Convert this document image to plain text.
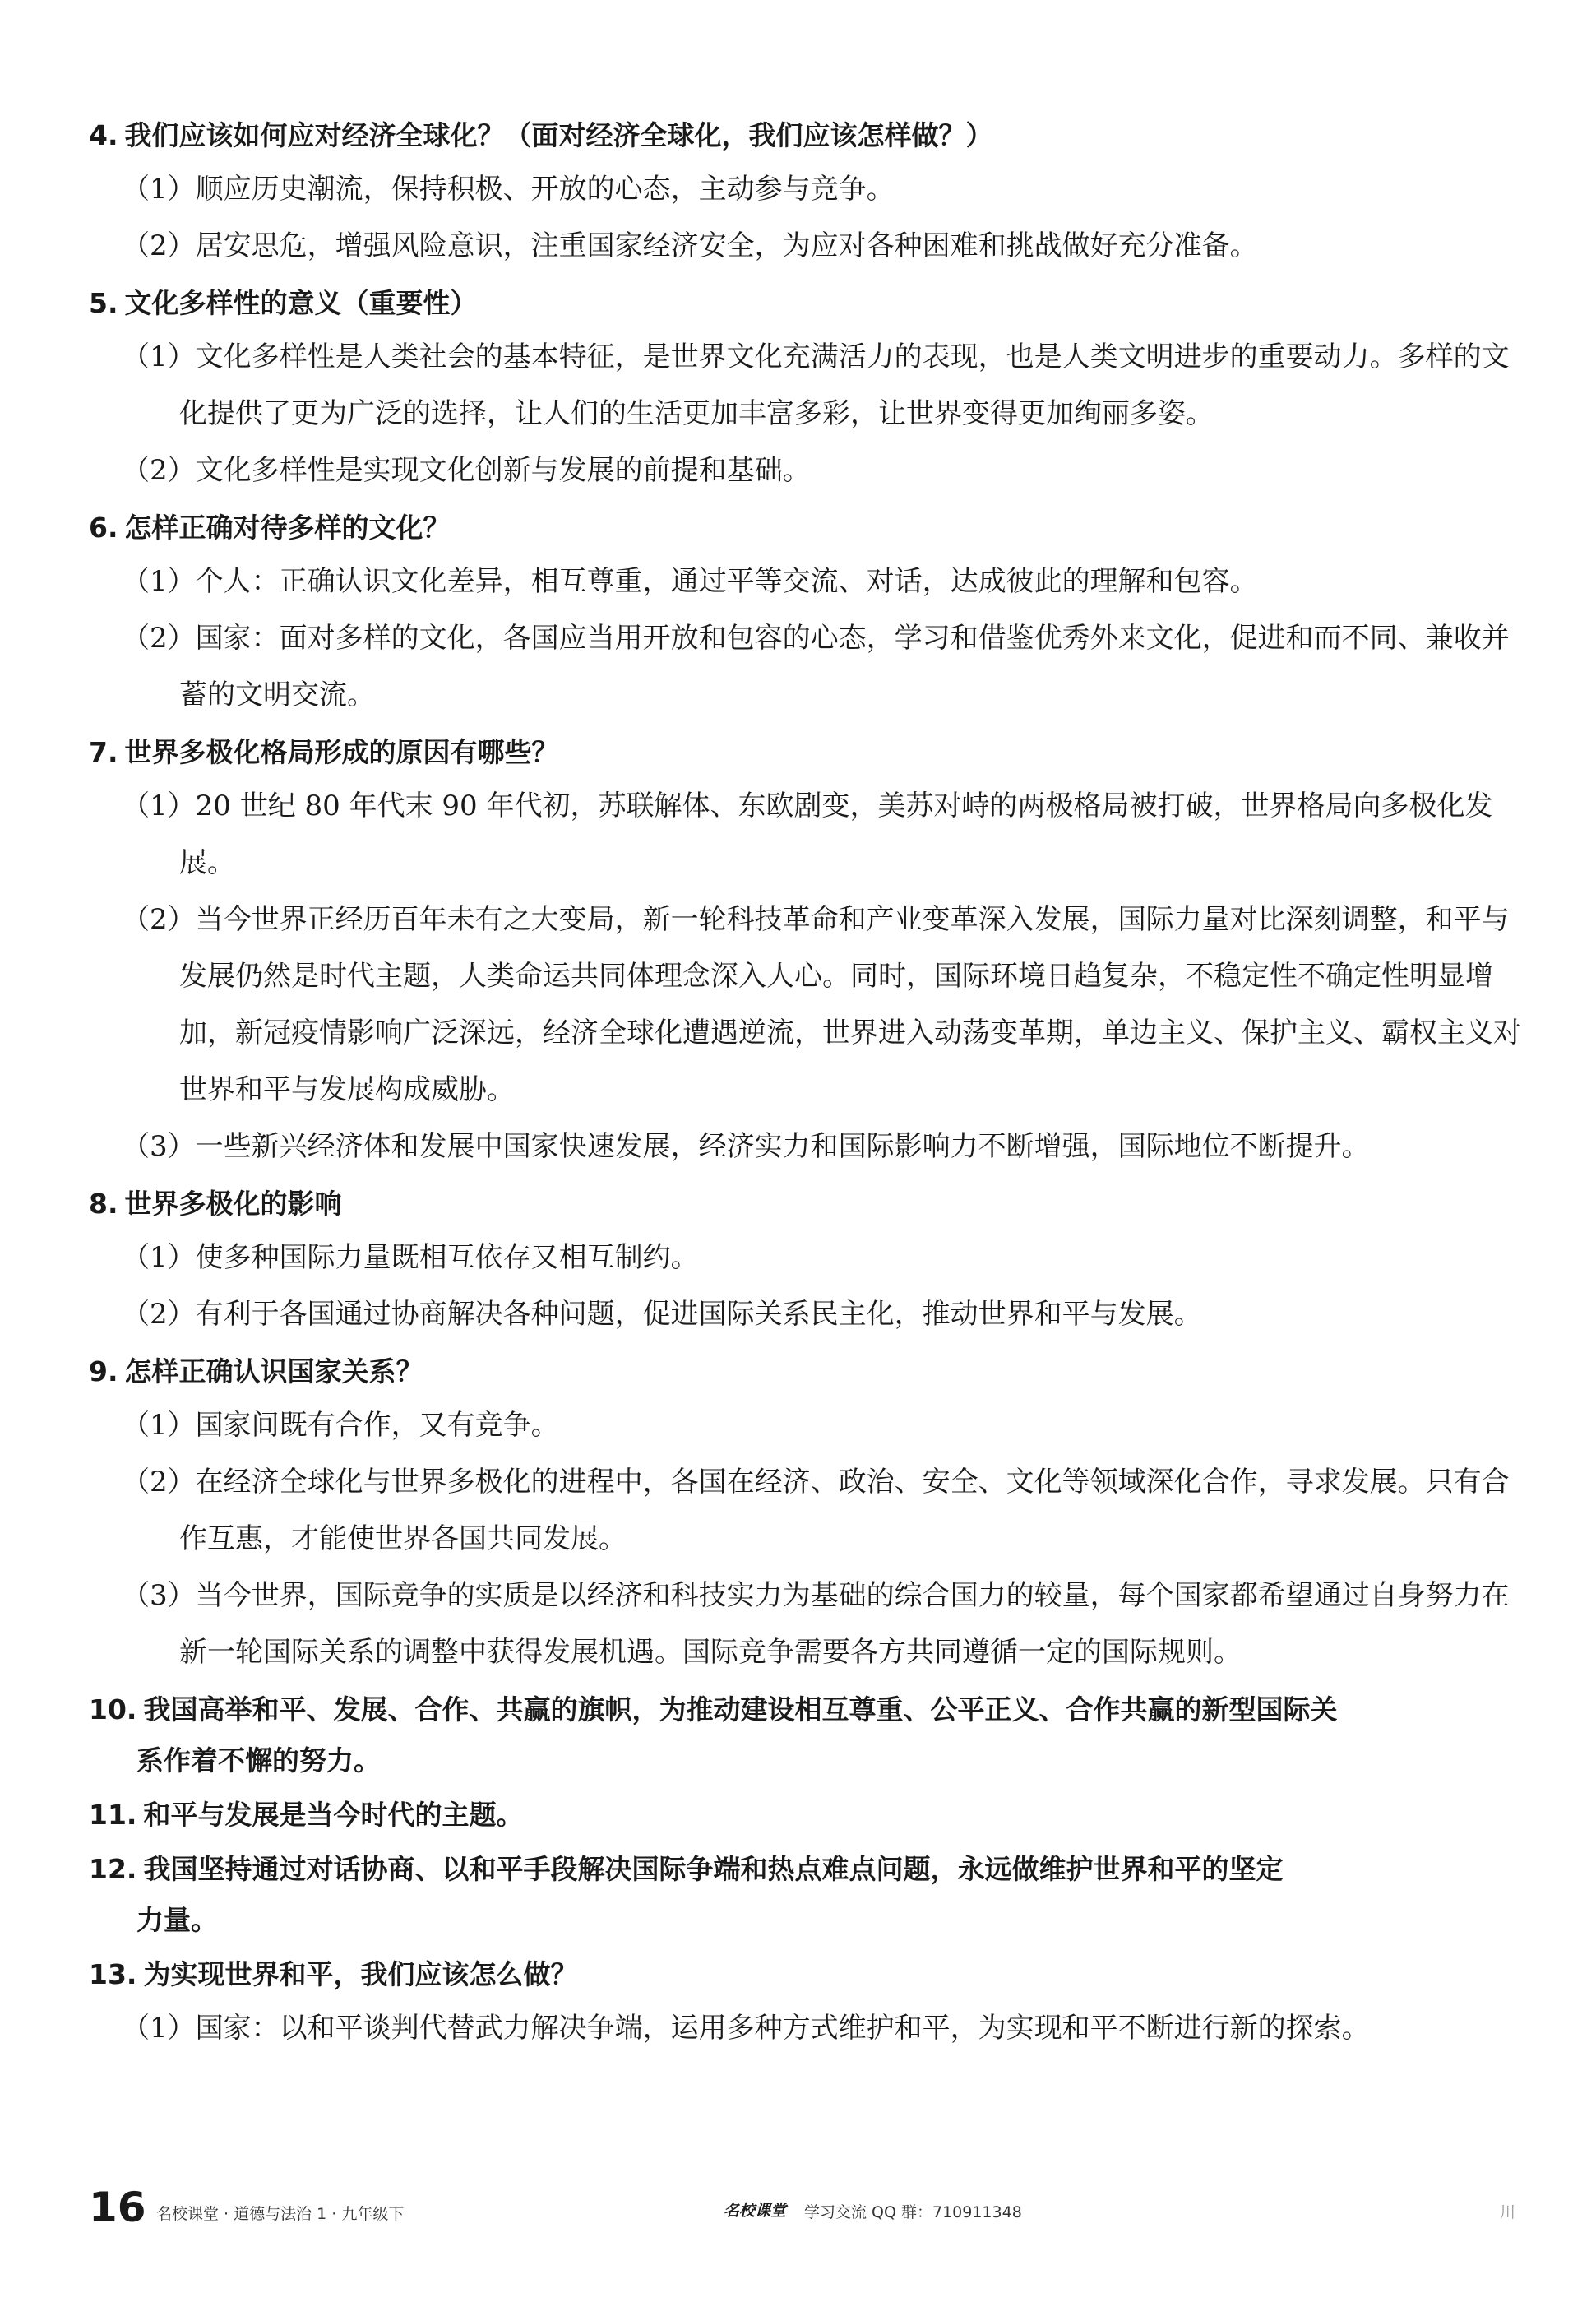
4. 我们应该如何应对经济全球化？（面对经济全球化，我们应该怎样做？）

（1）顺应历史潮流，保持积极、开放的心态，主动参与竞争。

（2）居安思危，增强风险意识，注重国家经济安全，为应对各种困难和挑战做好充分准备。

5. 文化多样性的意义（重要性）

（1）文化多样性是人类社会的基本特征，是世界文化充满活力的表现，也是人类文明进步的重要动力。多样的文化提供了更为广泛的选择，让人们的生活更加丰富多彩，让世界变得更加绚丽多姿。

（2）文化多样性是实现文化创新与发展的前提和基础。

6. 怎样正确对待多样的文化？

（1）个人：正确认识文化差异，相互尊重，通过平等交流、对话，达成彼此的理解和包容。

（2）国家：面对多样的文化，各国应当用开放和包容的心态，学习和借鉴优秀外来文化，促进和而不同、兼收并蓄的文明交流。

7. 世界多极化格局形成的原因有哪些？

（1）20 世纪 80 年代末 90 年代初，苏联解体、东欧剧变，美苏对峙的两极格局被打破，世界格局向多极化发展。

（2）当今世界正经历百年未有之大变局，新一轮科技革命和产业变革深入发展，国际力量对比深刻调整，和平与发展仍然是时代主题，人类命运共同体理念深入人心。同时，国际环境日趋复杂，不稳定性不确定性明显增加，新冠疫情影响广泛深远，经济全球化遭遇逆流，世界进入动荡变革期，单边主义、保护主义、霸权主义对世界和平与发展构成威胁。

（3）一些新兴经济体和发展中国家快速发展，经济实力和国际影响力不断增强，国际地位不断提升。

8. 世界多极化的影响

（1）使多种国际力量既相互依存又相互制约。

（2）有利于各国通过协商解决各种问题，促进国际关系民主化，推动世界和平与发展。

9. 怎样正确认识国家关系？

（1）国家间既有合作，又有竞争。

（2）在经济全球化与世界多极化的进程中，各国在经济、政治、安全、文化等领域深化合作，寻求发展。只有合作互惠，才能使世界各国共同发展。

（3）当今世界，国际竞争的实质是以经济和科技实力为基础的综合国力的较量，每个国家都希望通过自身努力在新一轮国际关系的调整中获得发展机遇。国际竞争需要各方共同遵循一定的国际规则。

10. 我国高举和平、发展、合作、共赢的旗帜，为推动建设相互尊重、公平正义、合作共赢的新型国际关
系作着不懈的努力。
11. 和平与发展是当今时代的主题。
12. 我国坚持通过对话协商、以和平手段解决国际争端和热点难点问题，永远做维护世界和平的坚定
力量。
13. 为实现世界和平，我们应该怎么做？

（1）国家：以和平谈判代替武力解决争端，运用多种方式维护和平，为实现和平不断进行新的探索。

16 名校课堂 · 道德与法治 1 · 九年级下	名校课堂 学习交流 QQ 群：710911348	川
